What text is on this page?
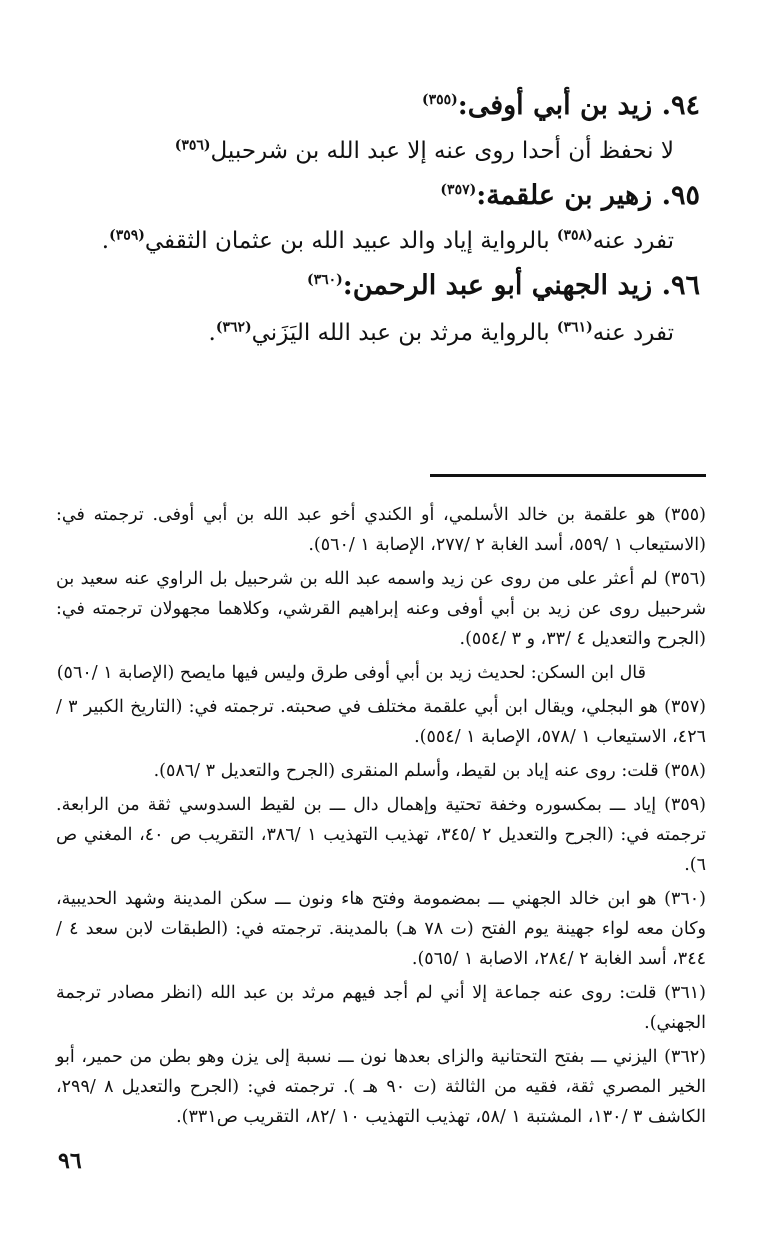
٩٤. زيد بن أبي أوفى:$^{(٣٥٥)}$
لا نحفظ أن أحدا روى عنه إلا عبد الله بن شرحبيل$^{(٣٥٦)}$
٩٥. زهير بن علقمة:$^{(٣٥٧)}$
تفرد عنه$^{(٣٥٨)}$ بالرواية إياد والد عبيد الله بن عثمان الثقفي$^{(٣٥٩)}$.
٩٦. زيد الجهني أبو عبد الرحمن:$^{(٣٦٠)}$
تفرد عنه$^{(٣٦١)}$ بالرواية مرثد بن عبد الله اليَزَني$^{(٣٦٢)}$.
(٣٥٥) هو علقمة بن خالد الأسلمي، أو الكندي أخو عبد الله بن أبي أوفى. ترجمته في: (الاستيعاب ١ /٥٥٩، أسد الغابة ٢ /٢٧٧، الإصابة ١ /٥٦٠).
(٣٥٦) لم أعثر على من روى عن زيد واسمه عبد الله بن شرحبيل بل الراوي عنه سعيد بن شرحبيل روى عن زيد بن أبي أوفى وعنه إبراهيم القرشي، وكلاهما مجهولان ترجمته في: (الجرح والتعديل ٤ /٣٣، و ٣ /٥٥٤).
قال ابن السكن: لحديث زيد بن أبي أوفى طرق وليس فيها مايصح (الإصابة ١ /٥٦٠)
(٣٥٧) هو البجلي، ويقال ابن أبي علقمة مختلف في صحبته. ترجمته في: (التاريخ الكبير ٣ /٤٢٦، الاستيعاب ١ /٥٧٨، الإصابة ١ /٥٥٤).
(٣٥٨) قلت: روى عنه إياد بن لقيط، وأسلم المنقرى (الجرح والتعديل ٣ /٥٨٦).
(٣٥٩) إياد ـــ بمكسوره وخفة تحتية وإهمال دال ـــ بن لقيط السدوسي ثقة من الرابعة. ترجمته في: (الجرح والتعديل ٢ /٣٤٥، تهذيب التهذيب ١ /٣٨٦، التقريب ص ٤٠، المغني ص ٦).
(٣٦٠) هو ابن خالد الجهني ـــ بمضمومة وفتح هاء ونون ـــ سكن المدينة وشهد الحديبية، وكان معه لواء جهينة يوم الفتح (ت ٧٨ هـ) بالمدينة. ترجمته في: (الطبقات لابن سعد ٤ /٣٤٤، أسد الغابة ٢ /٢٨٤، الاصابة ١ /٥٦٥).
(٣٦١) قلت: روى عنه جماعة إلا أني لم أجد فيهم مرثد بن عبد الله (انظر مصادر ترجمة الجهني).
(٣٦٢) اليزني ـــ بفتح التحتانية والزاى بعدها نون ـــ نسبة إلى يزن وهو بطن من حمير، أبو الخير المصري ثقة، فقيه من الثالثة (ت ٩٠ هـ ). ترجمته في: (الجرح والتعديل ٨ /٢٩٩، الكاشف ٣ /١٣٠، المشتبة ١ /٥٨، تهذيب التهذيب ١٠ /٨٢، التقريب ص٣٣١).
٩٦
